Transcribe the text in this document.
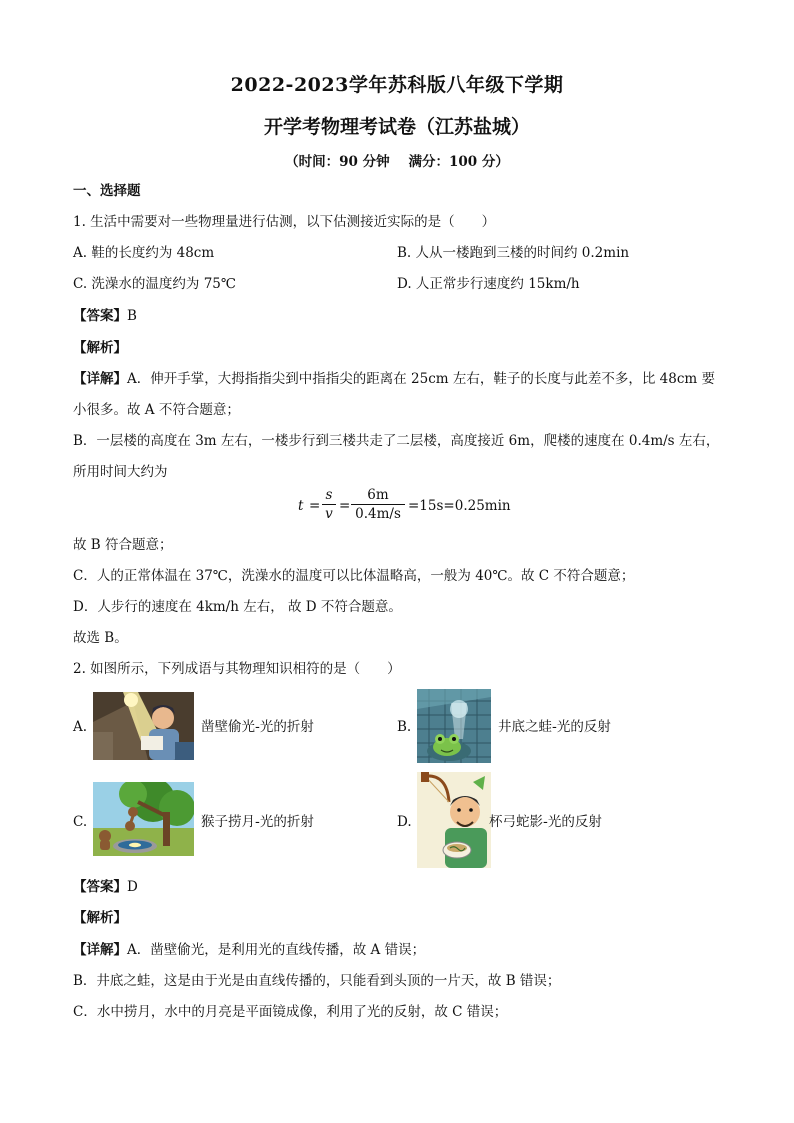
2022-2023学年苏科版八年级下学期
开学考物理考试卷（江苏盐城）
（时间：90 分钟    满分：100 分）
一、选择题
1. 生活中需要对一些物理量进行估测，以下估测接近实际的是（　　）
A. 鞋的长度约为 48cm	B. 人从一楼跑到三楼的时间约 0.2min
C. 洗澡水的温度约为 75℃	D. 人正常步行速度约 15km/h
【答案】B
【解析】
【详解】A．伸开手掌，大拇指指尖到中指指尖的距离在 25cm 左右，鞋子的长度与此差不多，比 48cm 要
小很多。故 A 不符合题意；
B．一层楼的高度在 3m 左右，一楼步行到三楼共走了二层楼，高度接近 6m，爬楼的速度在 0.4m/s 左右，
所用时间大约为
$t = \frac{s}{v} = \frac{6m}{0.4m/s} =15s=0.25\min$
故 B 符合题意；
C．人的正常体温在 37℃，洗澡水的温度可以比体温略高，一般为 40℃。故 C 不符合题意；
D．人步行的速度在 4km/h 左右， 故 D 不符合题意。
故选 B。
2. 如图所示，下列成语与其物理知识相符的是（　　）
A.	凿壁偷光-光的折射	B.	井底之蛙-光的反射
C.	猴子捞月-光的折射	D.	杯弓蛇影-光的反射
【答案】D
【解析】
【详解】A．凿壁偷光，是利用光的直线传播，故 A 错误；
B．井底之蛙，这是由于光是由直线传播的，只能看到头顶的一片天，故 B 错误；
C．水中捞月，水中的月亮是平面镜成像，利用了光的反射，故 C 错误；
